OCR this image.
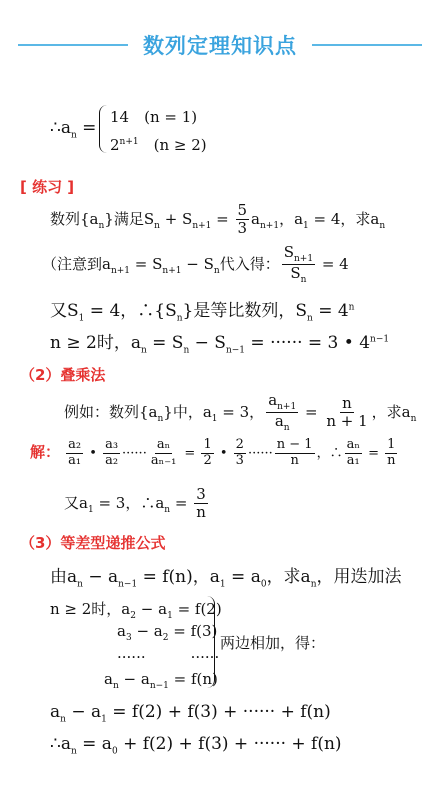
数列定理知识点
$\therefore a_n$ =
14　(n = 1)
$2^{n+1}$　(n ≥ 2)
[ 练习 ]
数列$\{a_n\}$满足$S_n + S_{n+1} = \frac{5}{3} a_{n+1}$，$a_1 = 4$，求$a_n$
（注意到$a_{n+1} = S_{n+1} - S_n$代入得： $\frac{S_{n+1}}{S_n} = 4$
又$S_1 = 4$，$\therefore\{S_n\}$是等比数列，$S_n = 4^n$
n ≥ 2时，$a_n = S_n - S_{n-1}$ = ······ = 3 • $4^{n-1}$
（2）叠乘法
例如：数列$\{a_n\}$中，$a_1 = 3$， $\frac{a_{n+1}}{a_n} = \frac{n}{n + 1}$ ，求$a_n$
解： $\frac{\text{a₂}}{\text{a₁}}$ • $\frac{\text{a₃}}{\text{a₂}}$ ······ $\frac{\text{aₙ}}{\text{aₙ₋₁}} = \frac{1}{2}$ • $\frac{2}{3}$ ······ $\frac{n - 1}{n}$ ，∴ $\frac{\text{aₙ}}{\text{a₁}} = \frac{1}{n}$
又$a_1 = 3$，$\therefore a_n = \frac{3}{n}$
（3）等差型递推公式
由$a_n - a_{n-1} = f(n)$，$a_1 = a_0$，求$a_n$，用迭加法
n ≥ 2时，$a_2 - a_1 = f(2)$
$a_3 - a_2 = f(3)$
······　　　······
$a_n - a_{n-1} = f(n)$
两边相加，得：
$a_n - a_1 = f(2) + f(3)$ + ······ + f(n)
$\therefore a_n = a_0 + f(2) + f(3)$ + ······ + f(n)
